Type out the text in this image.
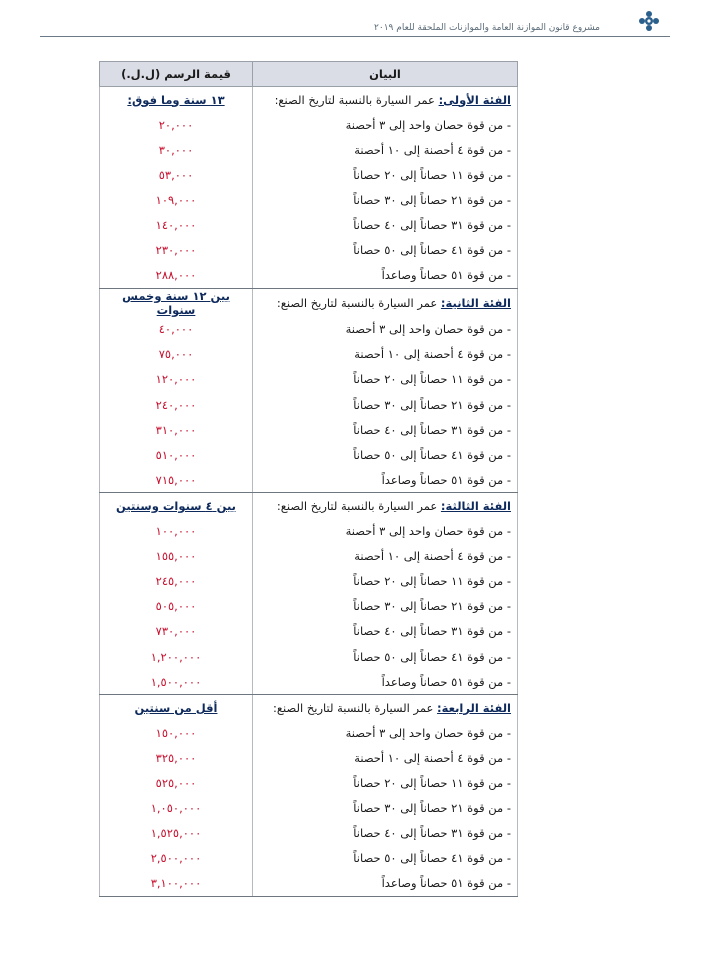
مشروع قانون الموازنة العامة والموازنات الملحقة للعام ٢٠١٩
البيان	قيمة الرسم (ل.ل.)
الفئة الأولى: عمر السيارة بالنسبة لتاريخ الصنع:	١٣ سنة وما فوق:
- من قوة حصان واحد إلى ٣ أحصنة	٢٠,٠٠٠
- من قوة ٤ أحصنة إلى ١٠ أحصنة	٣٠,٠٠٠
- من قوة ١١ حصاناً إلى ٢٠ حصاناً	٥٣,٠٠٠
- من قوة ٢١ حصاناً إلى ٣٠ حصاناً	١٠٩,٠٠٠
- من قوة ٣١ حصاناً إلى ٤٠ حصاناً	١٤٠,٠٠٠
- من قوة ٤١ حصاناً إلى ٥٠ حصاناً	٢٣٠,٠٠٠
- من قوة ٥١ حصاناً وصاعداً	٢٨٨,٠٠٠
الفئة الثانية: عمر السيارة بالنسبة لتاريخ الصنع:	بين ١٢ سنة وخمس سنوات
- من قوة حصان واحد إلى ٣ أحصنة	٤٠,٠٠٠
- من قوة ٤ أحصنة إلى ١٠ أحصنة	٧٥,٠٠٠
- من قوة ١١ حصاناً إلى ٢٠ حصاناً	١٢٠,٠٠٠
- من قوة ٢١ حصاناً إلى ٣٠ حصاناً	٢٤٠,٠٠٠
- من قوة ٣١ حصاناً إلى ٤٠ حصاناً	٣١٠,٠٠٠
- من قوة ٤١ حصاناً إلى ٥٠ حصاناً	٥١٠,٠٠٠
- من قوة ٥١ حصاناً وصاعداً	٧١٥,٠٠٠
الفئة الثالثة: عمر السيارة بالنسبة لتاريخ الصنع:	بين ٤ سنوات وسنتين
- من قوة حصان واحد إلى ٣ أحصنة	١٠٠,٠٠٠
- من قوة ٤ أحصنة إلى ١٠ أحصنة	١٥٥,٠٠٠
- من قوة ١١ حصاناً إلى ٢٠ حصاناً	٢٤٥,٠٠٠
- من قوة ٢١ حصاناً إلى ٣٠ حصاناً	٥٠٥,٠٠٠
- من قوة ٣١ حصاناً إلى ٤٠ حصاناً	٧٣٠,٠٠٠
- من قوة ٤١ حصاناً إلى ٥٠ حصاناً	١,٢٠٠,٠٠٠
- من قوة ٥١ حصاناً وصاعداً	١,٥٠٠,٠٠٠
الفئة الرابعة: عمر السيارة بالنسبة لتاريخ الصنع:	أقل من سنتين
- من قوة حصان واحد إلى ٣ أحصنة	١٥٠,٠٠٠
- من قوة ٤ أحصنة إلى ١٠ أحصنة	٣٢٥,٠٠٠
- من قوة ١١ حصاناً إلى ٢٠ حصاناً	٥٢٥,٠٠٠
- من قوة ٢١ حصاناً إلى ٣٠ حصاناً	١,٠٥٠,٠٠٠
- من قوة ٣١ حصاناً إلى ٤٠ حصاناً	١,٥٢٥,٠٠٠
- من قوة ٤١ حصاناً إلى ٥٠ حصاناً	٢,٥٠٠,٠٠٠
- من قوة ٥١ حصاناً وصاعداً	٣,١٠٠,٠٠٠
